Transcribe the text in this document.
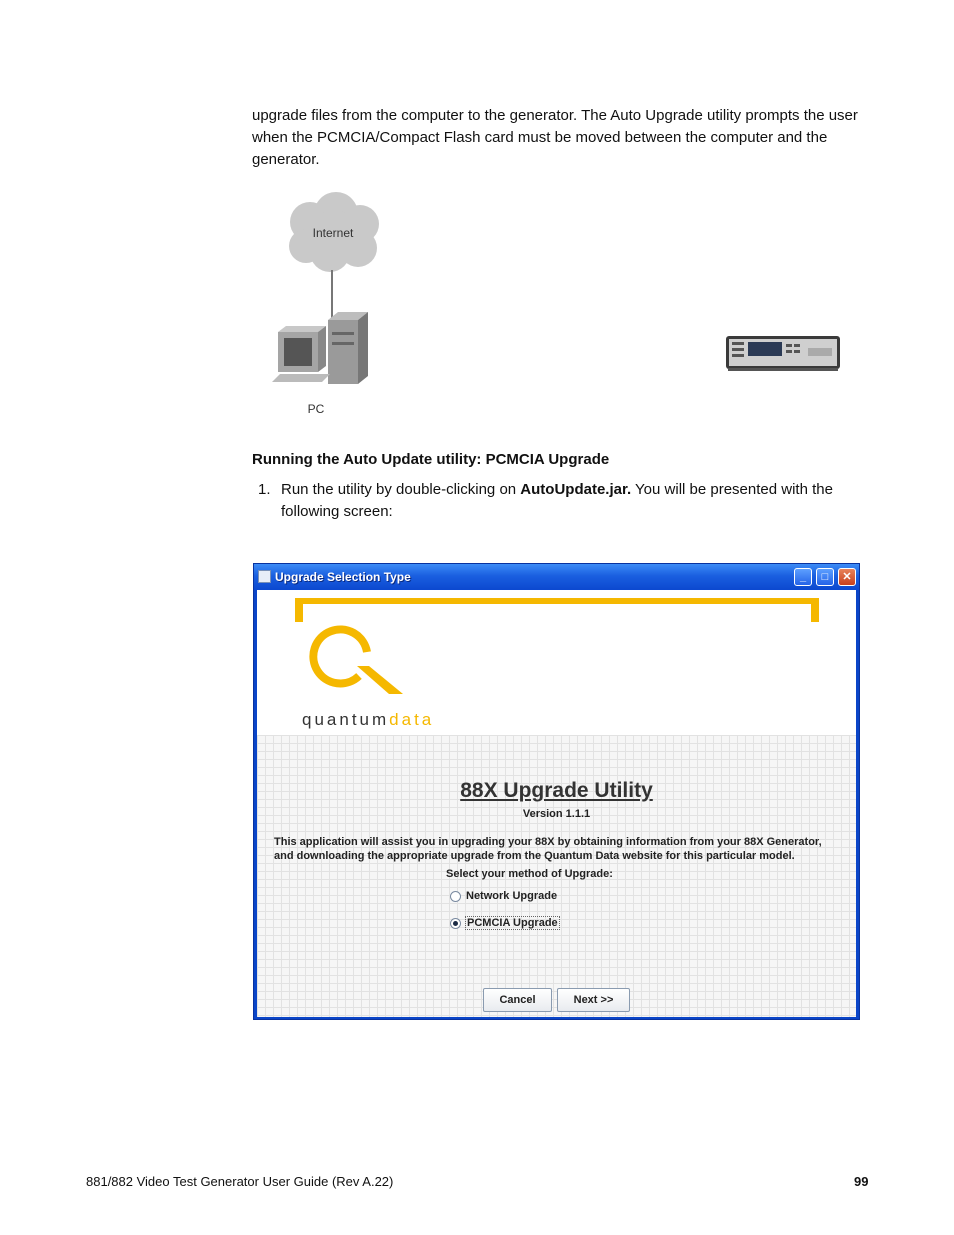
upgrade files from the computer to the generator. The Auto Upgrade utility prompts the user when the PCMCIA/Compact Flash card must be moved between the computer and the generator.

Internet
PC

Running the Auto Update utility: PCMCIA Upgrade

1. Run the utility by double-clicking on AutoUpdate.jar. You will be presented with the following screen:
Upgrade Selection Type	_	□	✕
quantumdata
88X Upgrade Utility
Version 1.1.1
This application will assist you in upgrading your 88X by obtaining information from your 88X Generator, and downloading the appropriate upgrade from the Quantum Data website for this particular model.
Select your method of Upgrade:
Network Upgrade
PCMCIA Upgrade
Cancel	Next >>
881/882 Video Test Generator User Guide (Rev A.22)	99
